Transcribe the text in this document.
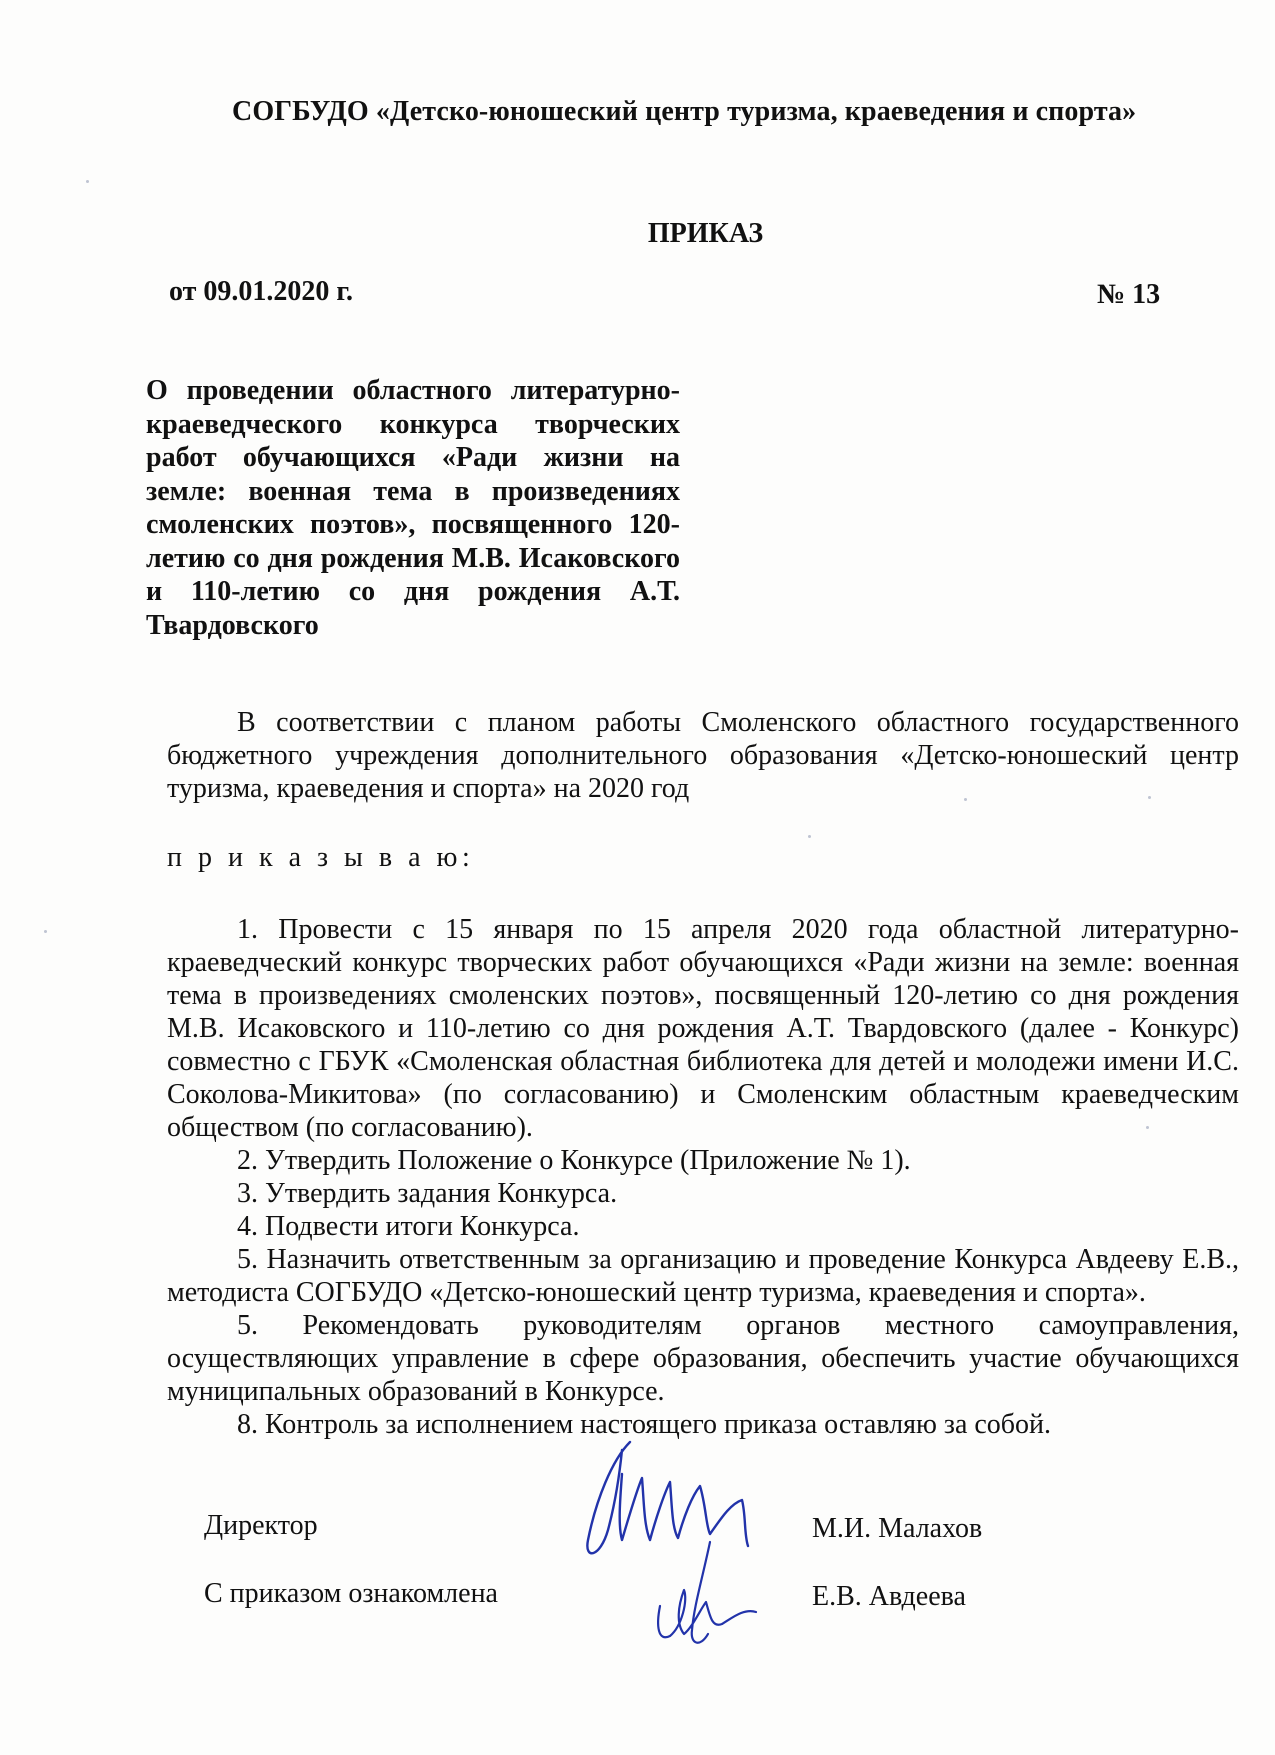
СОГБУДО «Детско-юношеский центр туризма, краеведения и спорта»
ПРИКАЗ
от 09.01.2020 г.	№ 13
О проведении областного литературно-краеведческого конкурса творческих работ обучающихся «Ради жизни на земле: военная тема в произведениях смоленских поэтов», посвященного 120-летию со дня рождения М.В. Исаковского и 110-летию со дня рождения А.Т. Твардовского

В соответствии с планом работы Смоленского областного государственного бюджетного учреждения дополнительного образования «Детско-юношеский центр туризма, краеведения и спорта» на 2020 год

п р и к а з ы в а ю:

1. Провести с 15 января по 15 апреля 2020 года областной литературно-краеведческий конкурс творческих работ обучающихся «Ради жизни на земле: военная тема в произведениях смоленских поэтов», посвященный 120-летию со дня рождения М.В. Исаковского и 110-летию со дня рождения А.Т. Твардовского (далее - Конкурс) совместно с ГБУК «Смоленская областная библиотека для детей и молодежи имени И.С. Соколова-Микитова» (по согласованию) и Смоленским областным краеведческим обществом (по согласованию).

2. Утвердить Положение о Конкурсе (Приложение № 1).

3. Утвердить задания Конкурса.

4. Подвести итоги Конкурса.

5. Назначить ответственным за организацию и проведение Конкурса Авдееву Е.В., методиста СОГБУДО «Детско-юношеский центр туризма, краеведения и спорта».

5. Рекомендовать руководителям органов местного самоуправления, осуществляющих управление в сфере образования, обеспечить участие обучающихся муниципальных образований в Конкурсе.

8. Контроль за исполнением настоящего приказа оставляю за собой.

Директор	М.И. Малахов
С приказом ознакомлена	Е.В. Авдеева
